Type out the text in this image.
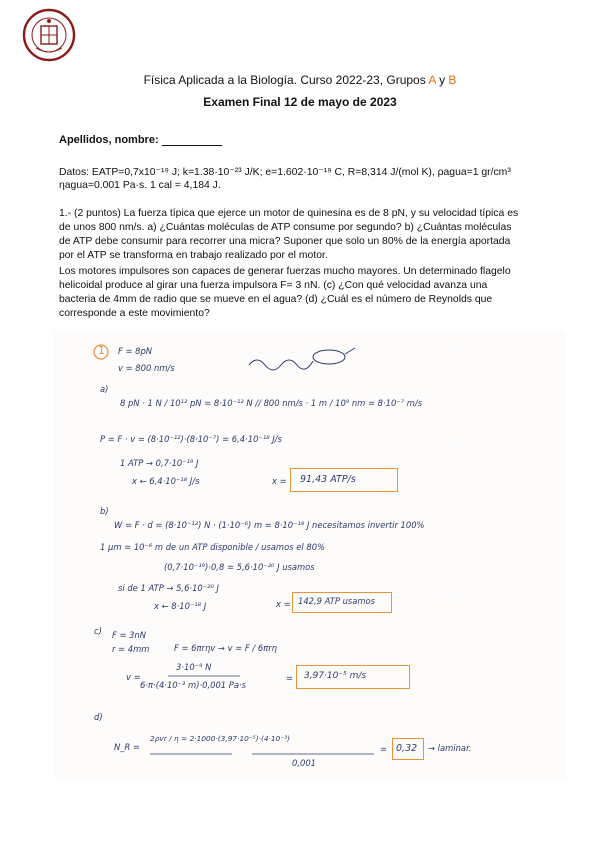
Física Aplicada a la Biología. Curso 2022-23, Grupos A y B
Examen Final 12 de mayo de 2023
Apellidos, nombre:
Datos: EATP=0,7x10⁻¹⁹ J; k=1.38·10⁻²³ J/K; e=1.602·10⁻¹⁹ C, R=8,314 J/(mol K), ρagua=1 gr/cm³
ηagua=0.001 Pa·s. 1 cal = 4,184 J.
1.- (2 puntos) La fuerza típica que ejerce un motor de quinesina es de 8 pN, y su velocidad típica es
de unos 800 nm/s. a) ¿Cuántas moléculas de ATP consume por segundo? b) ¿Cuántas moléculas
de ATP debe consumir para recorrer una micra? Suponer que solo un 80% de la energía aportada
por el ATP se transforma en trabajo realizado por el motor.
Los motores impulsores son capaces de generar fuerzas mucho mayores. Un determinado flagelo
helicoidal produce al girar una fuerza impulsora F= 3 nN. (c) ¿Con qué velocidad avanza una
bacteria de 4mm de radio que se mueve en el agua? (d) ¿Cuál es el número de Reynolds que
corresponde a este movimiento?
. . . .
. . .
. . . .
1 F = 8pN
v = 800 nm/s
a)
8 pN · 1 N / 10¹² pN = 8·10⁻¹² N // 800 nm/s · 1 m / 10⁹ nm = 8·10⁻⁷ m/s
P = F · v = (8·10⁻¹²)·(8·10⁻⁷) = 6,4·10⁻¹⁸ J/s
1 ATP → 0,7·10⁻¹⁹ J
x ← 6,4·10⁻¹⁸ J/s	x = 91,43 ATP/s
b)
W = F · d = (8·10⁻¹²) N · (1·10⁻⁶) m = 8·10⁻¹⁸ J necesitamos invertir 100%
1 µm = 10⁻⁶ m de un ATP disponible / usamos el 80%
(0,7·10⁻¹⁹)·0,8 = 5,6·10⁻²⁰ J usamos
si de 1 ATP → 5,6·10⁻²⁰ J
x ← 8·10⁻¹⁸ J	x = 142,9 ATP usamos
c) F = 3nN
r = 4mm	F = 6πrηv → v = F / 6πrη
v =
3·10⁻⁹ N
6·π·(4·10⁻³ m)·0,001 Pa·s
= 3,97·10⁻⁵ m/s
d)
N_R =
2ρvr / η = 2·1000·(3,97·10⁻⁵)·(4·10⁻³)
0,001
= 0,32 → laminar.
